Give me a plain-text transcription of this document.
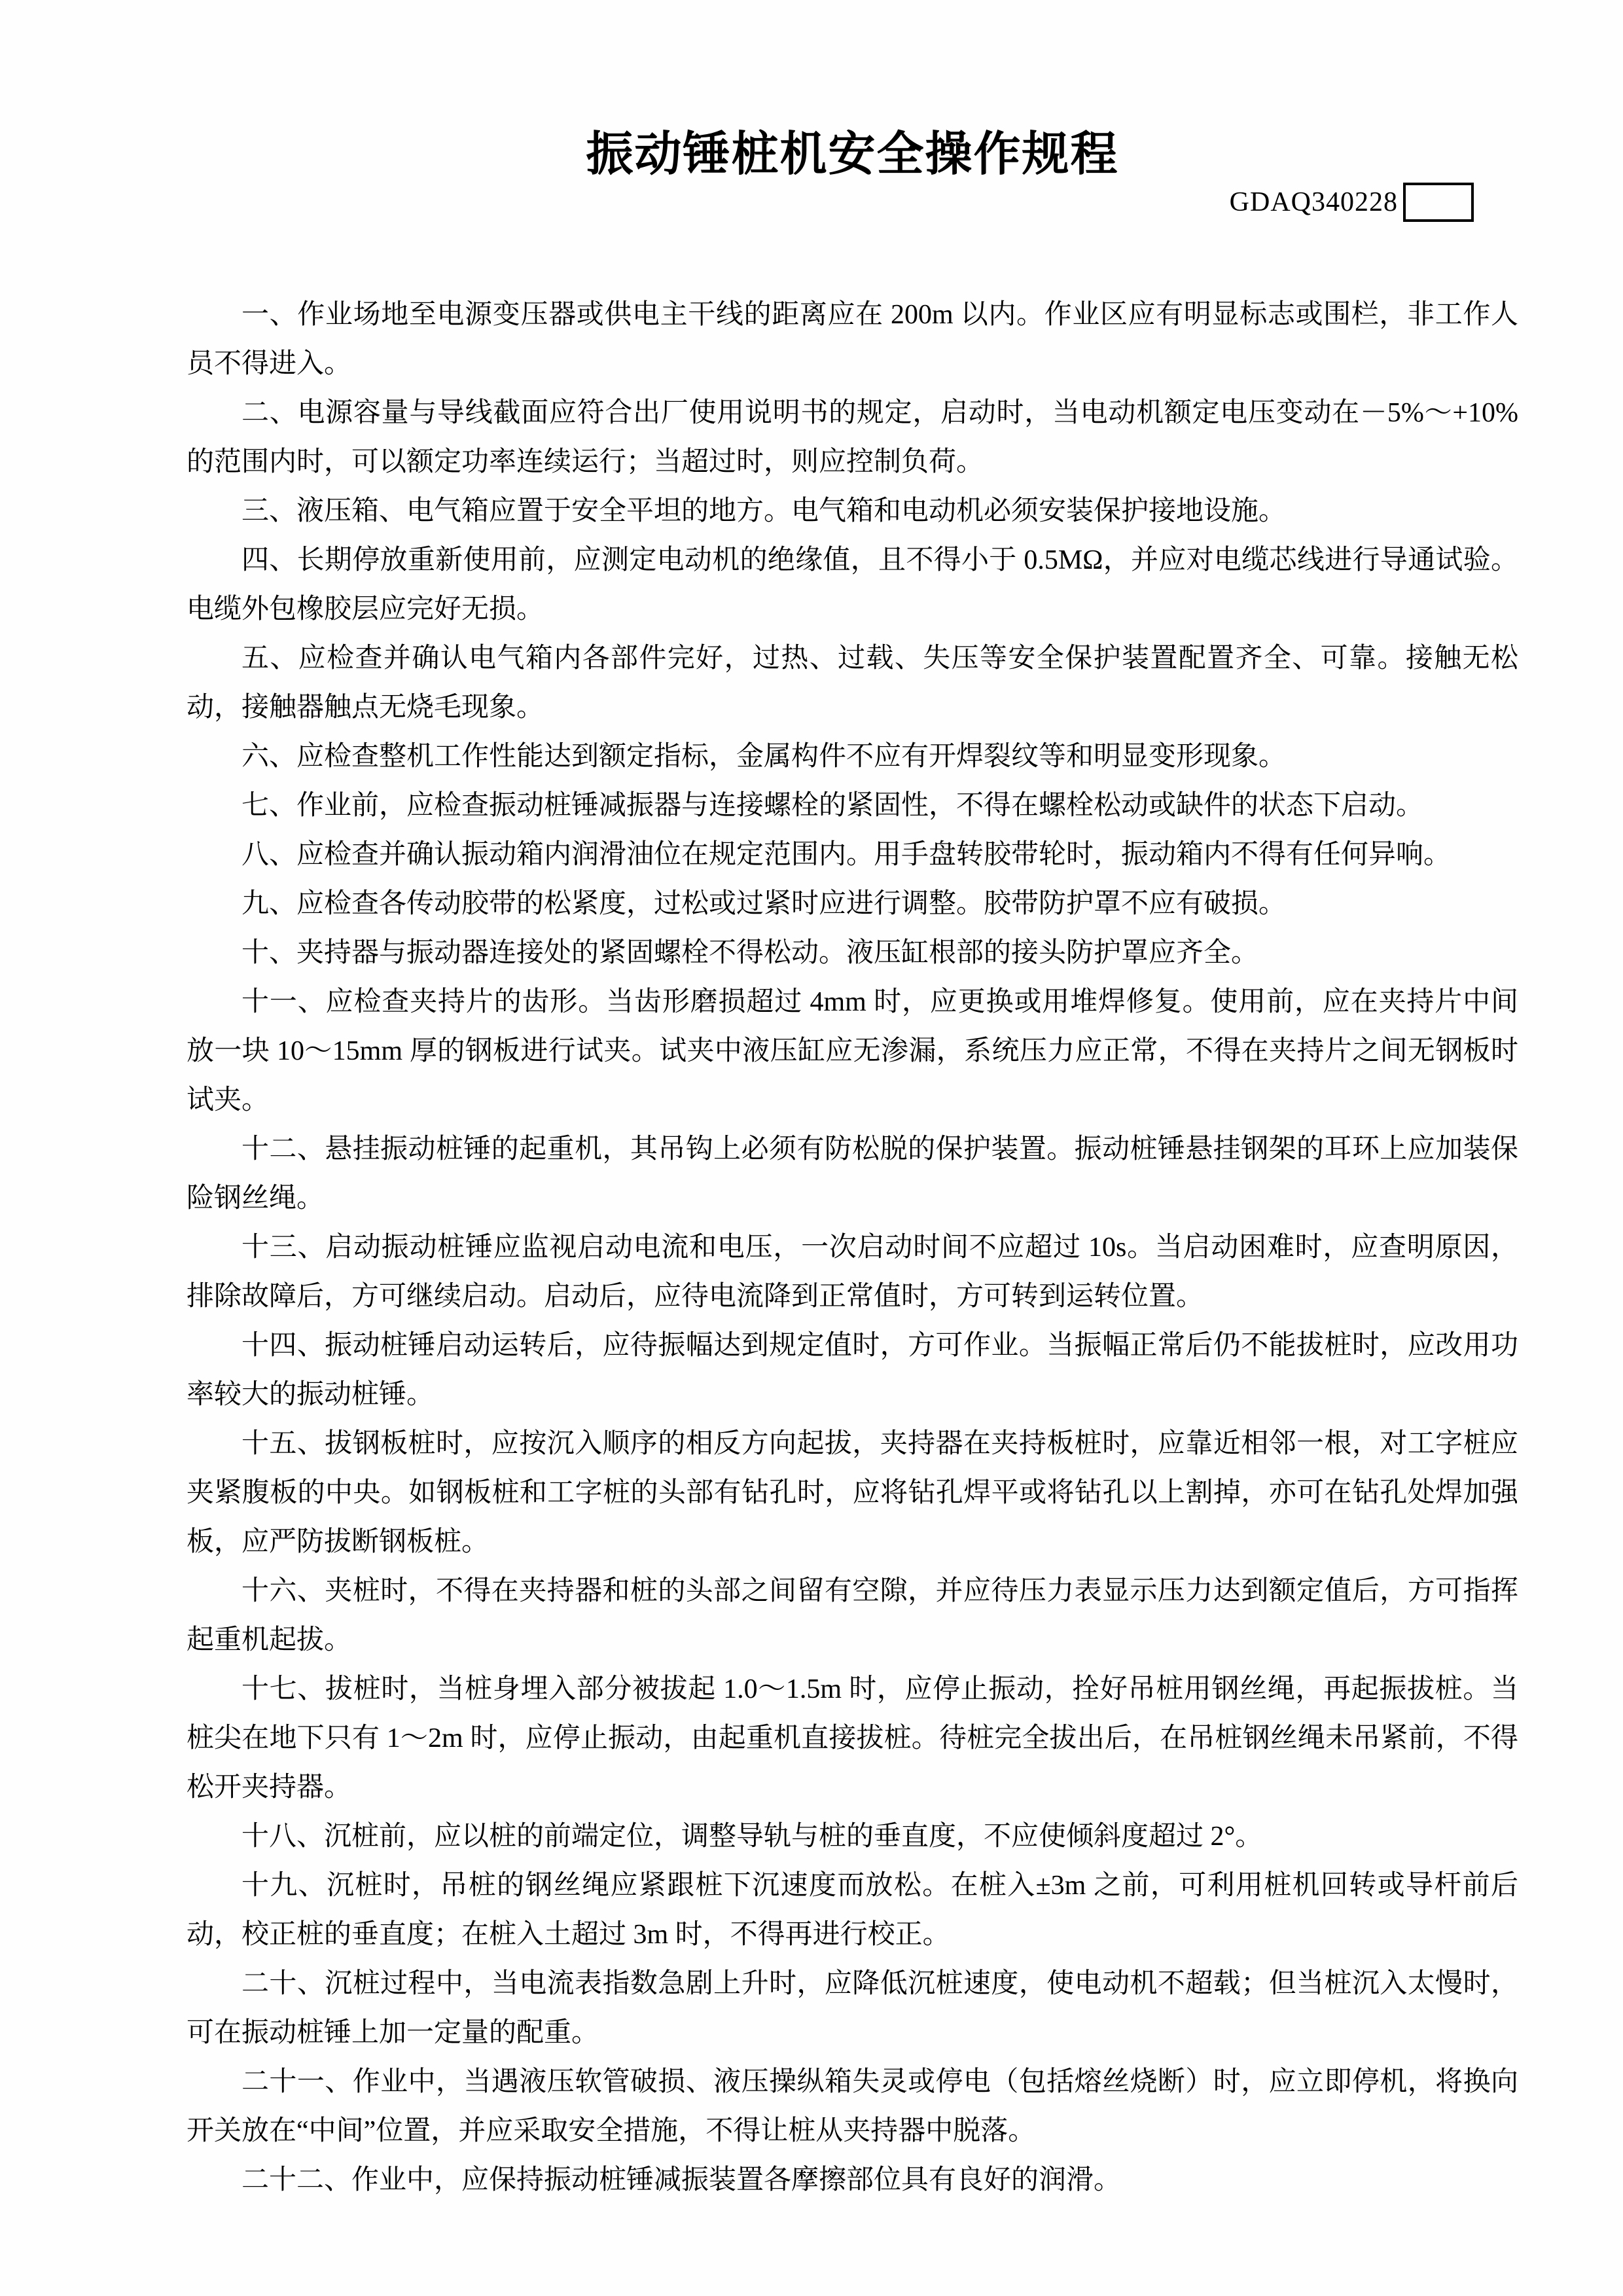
振动锤桩机安全操作规程
GDAQ340228

一、作业场地至电源变压器或供电主干线的距离应在 200m 以内。作业区应有明显标志或围栏，非工作人员不得进入。

二、电源容量与导线截面应符合出厂使用说明书的规定，启动时，当电动机额定电压变动在－5%～+10%的范围内时，可以额定功率连续运行；当超过时，则应控制负荷。

三、液压箱、电气箱应置于安全平坦的地方。电气箱和电动机必须安装保护接地设施。

四、长期停放重新使用前，应测定电动机的绝缘值，且不得小于 0.5MΩ，并应对电缆芯线进行导通试验。电缆外包橡胶层应完好无损。

五、应检查并确认电气箱内各部件完好，过热、过载、失压等安全保护装置配置齐全、可靠。接触无松动，接触器触点无烧毛现象。

六、应检查整机工作性能达到额定指标，金属构件不应有开焊裂纹等和明显变形现象。

七、作业前，应检查振动桩锤减振器与连接螺栓的紧固性，不得在螺栓松动或缺件的状态下启动。

八、应检查并确认振动箱内润滑油位在规定范围内。用手盘转胶带轮时，振动箱内不得有任何异响。

九、应检查各传动胶带的松紧度，过松或过紧时应进行调整。胶带防护罩不应有破损。

十、夹持器与振动器连接处的紧固螺栓不得松动。液压缸根部的接头防护罩应齐全。

十一、应检查夹持片的齿形。当齿形磨损超过 4mm 时，应更换或用堆焊修复。使用前，应在夹持片中间放一块 10～15mm 厚的钢板进行试夹。试夹中液压缸应无渗漏，系统压力应正常，不得在夹持片之间无钢板时试夹。

十二、悬挂振动桩锤的起重机，其吊钩上必须有防松脱的保护装置。振动桩锤悬挂钢架的耳环上应加装保险钢丝绳。

十三、启动振动桩锤应监视启动电流和电压，一次启动时间不应超过 10s。当启动困难时，应查明原因，排除故障后，方可继续启动。启动后，应待电流降到正常值时，方可转到运转位置。

十四、振动桩锤启动运转后，应待振幅达到规定值时，方可作业。当振幅正常后仍不能拔桩时，应改用功率较大的振动桩锤。

十五、拔钢板桩时，应按沉入顺序的相反方向起拔，夹持器在夹持板桩时，应靠近相邻一根，对工字桩应夹紧腹板的中央。如钢板桩和工字桩的头部有钻孔时，应将钻孔焊平或将钻孔以上割掉，亦可在钻孔处焊加强板，应严防拔断钢板桩。

十六、夹桩时，不得在夹持器和桩的头部之间留有空隙，并应待压力表显示压力达到额定值后，方可指挥起重机起拔。

十七、拔桩时，当桩身埋入部分被拔起 1.0～1.5m 时，应停止振动，拴好吊桩用钢丝绳，再起振拔桩。当桩尖在地下只有 1～2m 时，应停止振动，由起重机直接拔桩。待桩完全拔出后，在吊桩钢丝绳未吊紧前，不得松开夹持器。

十八、沉桩前，应以桩的前端定位，调整导轨与桩的垂直度，不应使倾斜度超过 2°。

十九、沉桩时，吊桩的钢丝绳应紧跟桩下沉速度而放松。在桩入±3m 之前，可利用桩机回转或导杆前后动，校正桩的垂直度；在桩入土超过 3m 时，不得再进行校正。

二十、沉桩过程中，当电流表指数急剧上升时，应降低沉桩速度，使电动机不超载；但当桩沉入太慢时，可在振动桩锤上加一定量的配重。

二十一、作业中，当遇液压软管破损、液压操纵箱失灵或停电（包括熔丝烧断）时，应立即停机，将换向开关放在“中间”位置，并应采取安全措施，不得让桩从夹持器中脱落。

二十二、作业中，应保持振动桩锤减振装置各摩擦部位具有良好的润滑。
